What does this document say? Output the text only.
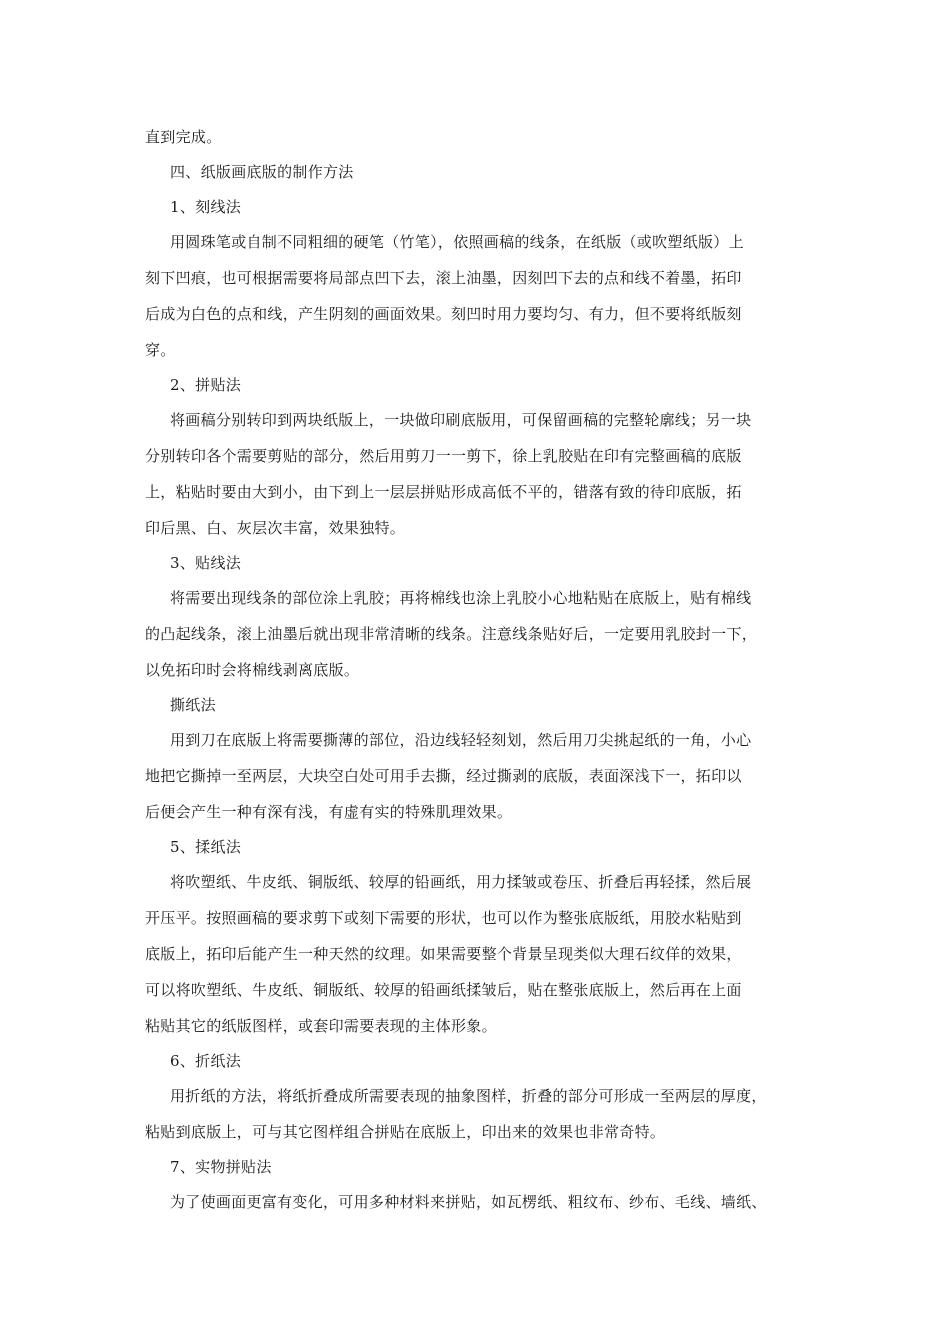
直到完成。
四、纸版画底版的制作方法
1、刻线法
用圆珠笔或自制不同粗细的硬笔（竹笔），依照画稿的线条，在纸版（或吹塑纸版）上
刻下凹痕，也可根据需要将局部点凹下去，滚上油墨，因刻凹下去的点和线不着墨，拓印
后成为白色的点和线，产生阴刻的画面效果。刻凹时用力要均匀、有力，但不要将纸版刻
穿。
2、拼贴法
将画稿分别转印到两块纸版上，一块做印刷底版用，可保留画稿的完整轮廓线；另一块
分别转印各个需要剪贴的部分，然后用剪刀一一剪下，徐上乳胶贴在印有完整画稿的底版
上，粘贴时要由大到小，由下到上一层层拼贴形成高低不平的，错落有致的待印底版，拓
印后黑、白、灰层次丰富，效果独特。
3、贴线法
将需要出现线条的部位涂上乳胶；再将棉线也涂上乳胶小心地粘贴在底版上，贴有棉线
的凸起线条，滚上油墨后就出现非常清晰的线条。注意线条贴好后，一定要用乳胶封一下，
以免拓印时会将棉线剥离底版。
撕纸法
用到刀在底版上将需要撕薄的部位，沿边线轻轻刻划，然后用刀尖挑起纸的一角，小心
地把它撕掉一至两层，大块空白处可用手去撕，经过撕剥的底版，表面深浅下一，拓印以
后便会产生一种有深有浅，有虚有实的特殊肌理效果。
5、揉纸法
将吹塑纸、牛皮纸、铜版纸、较厚的铅画纸，用力揉皱或卷压、折叠后再轻揉，然后展
开压平。按照画稿的要求剪下或刻下需要的形状，也可以作为整张底版纸，用胶水粘贴到
底版上，拓印后能产生一种天然的纹理。如果需要整个背景呈现类似大理石纹佯的效果，
可以将吹塑纸、牛皮纸、铜版纸、较厚的铅画纸揉皱后，贴在整张底版上，然后再在上面
粘贴其它的纸版图样，或套印需要表现的主体形象。
6、折纸法
用折纸的方法，将纸折叠成所需要表现的抽象图样，折叠的部分可形成一至两层的厚度，
粘贴到底版上，可与其它图样组合拼贴在底版上，印出来的效果也非常奇特。
7、实物拼贴法
为了使画面更富有变化，可用多种材料来拼贴，如瓦楞纸、粗纹布、纱布、毛线、墙纸、
